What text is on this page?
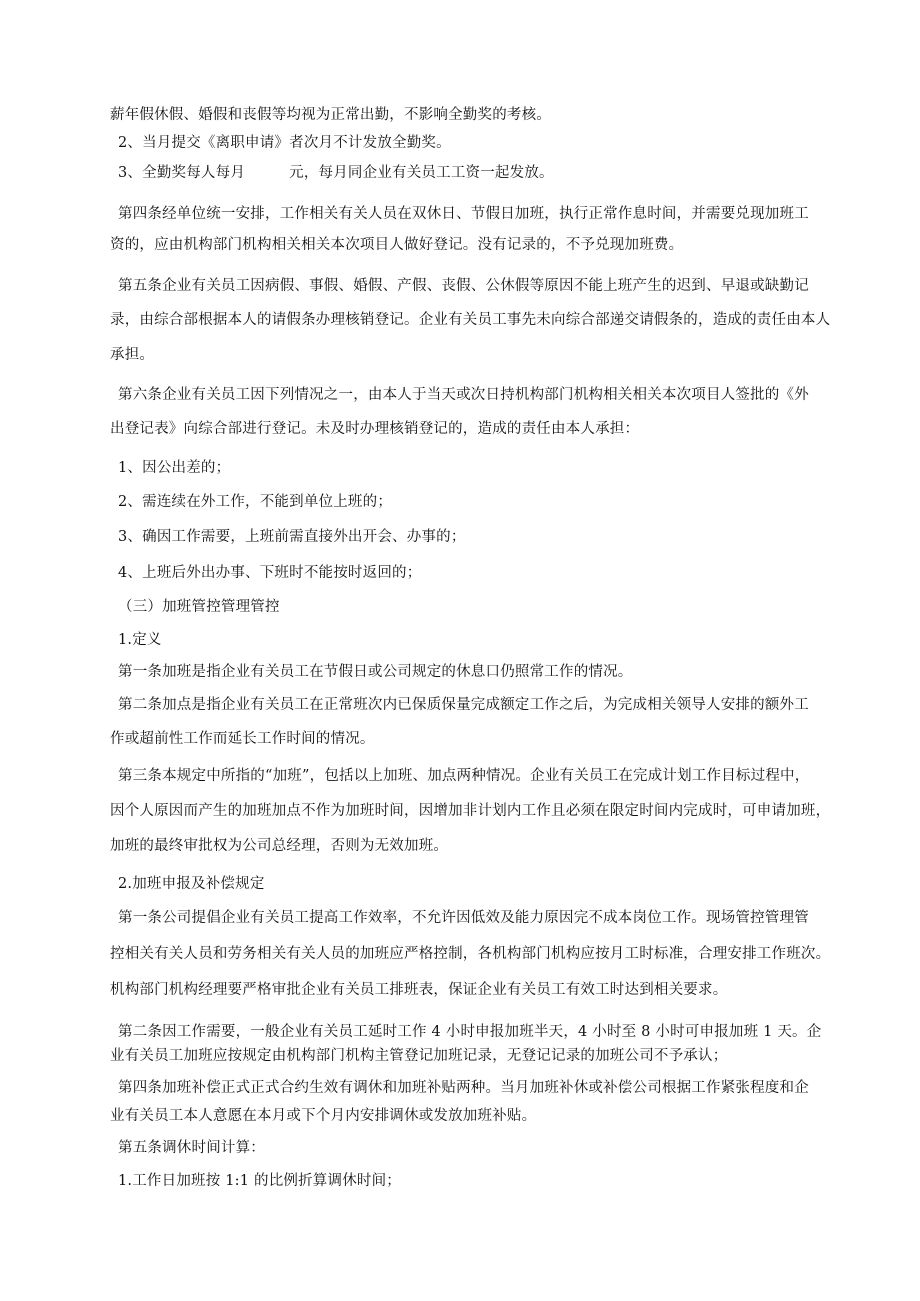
薪年假休假、婚假和丧假等均视为正常出勤，不影响全勤奖的考核。
2、当月提交《离职申请》者次月不计发放全勤奖。
3、全勤奖每人每月　　　元，每月同企业有关员工工资一起发放。
第四条经单位统一安排，工作相关有关人员在双休日、节假日加班，执行正常作息时间，并需要兑现加班工
资的，应由机构部门机构相关相关本次项目人做好登记。没有记录的，不予兑现加班费。
第五条企业有关员工因病假、事假、婚假、产假、丧假、公休假等原因不能上班产生的迟到、早退或缺勤记
录，由综合部根据本人的请假条办理核销登记。企业有关员工事先未向综合部递交请假条的，造成的责任由本人
承担。
第六条企业有关员工因下列情况之一，由本人于当天或次日持机构部门机构相关相关本次项目人签批的《外
出登记表》向综合部进行登记。未及时办理核销登记的，造成的责任由本人承担：
1、因公出差的；
2、需连续在外工作，不能到单位上班的；
3、确因工作需要，上班前需直接外出开会、办事的；
4、上班后外出办事、下班时不能按时返回的；
（三）加班管控管理管控
1.定义
第一条加班是指企业有关员工在节假日或公司规定的休息口仍照常工作的情况。
第二条加点是指企业有关员工在正常班次内已保质保量完成额定工作之后，为完成相关领导人安排的额外工
作或超前性工作而延长工作时间的情况。
第三条本规定中所指的“加班”，包括以上加班、加点两种情况。企业有关员工在完成计划工作目标过程中，
因个人原因而产生的加班加点不作为加班时间，因增加非计划内工作且必须在限定时间内完成时，可申请加班，
加班的最终审批权为公司总经理，否则为无效加班。
2.加班申报及补偿规定
第一条公司提倡企业有关员工提高工作效率，不允许因低效及能力原因完不成本岗位工作。现场管控管理管
控相关有关人员和劳务相关有关人员的加班应严格控制，各机构部门机构应按月工时标准，合理安排工作班次。
机构部门机构经理要严格审批企业有关员工排班表，保证企业有关员工有效工时达到相关要求。
第二条因工作需要，一般企业有关员工延时工作 4 小时申报加班半天，4 小时至 8 小时可申报加班 1 天。企
业有关员工加班应按规定由机构部门机构主管登记加班记录，无登记记录的加班公司不予承认；
第四条加班补偿正式正式合约生效有调休和加班补贴两种。当月加班补休或补偿公司根据工作紧张程度和企
业有关员工本人意愿在本月或下个月内安排调休或发放加班补贴。
第五条调休时间计算：
1.工作日加班按 1:1 的比例折算调休时间；
